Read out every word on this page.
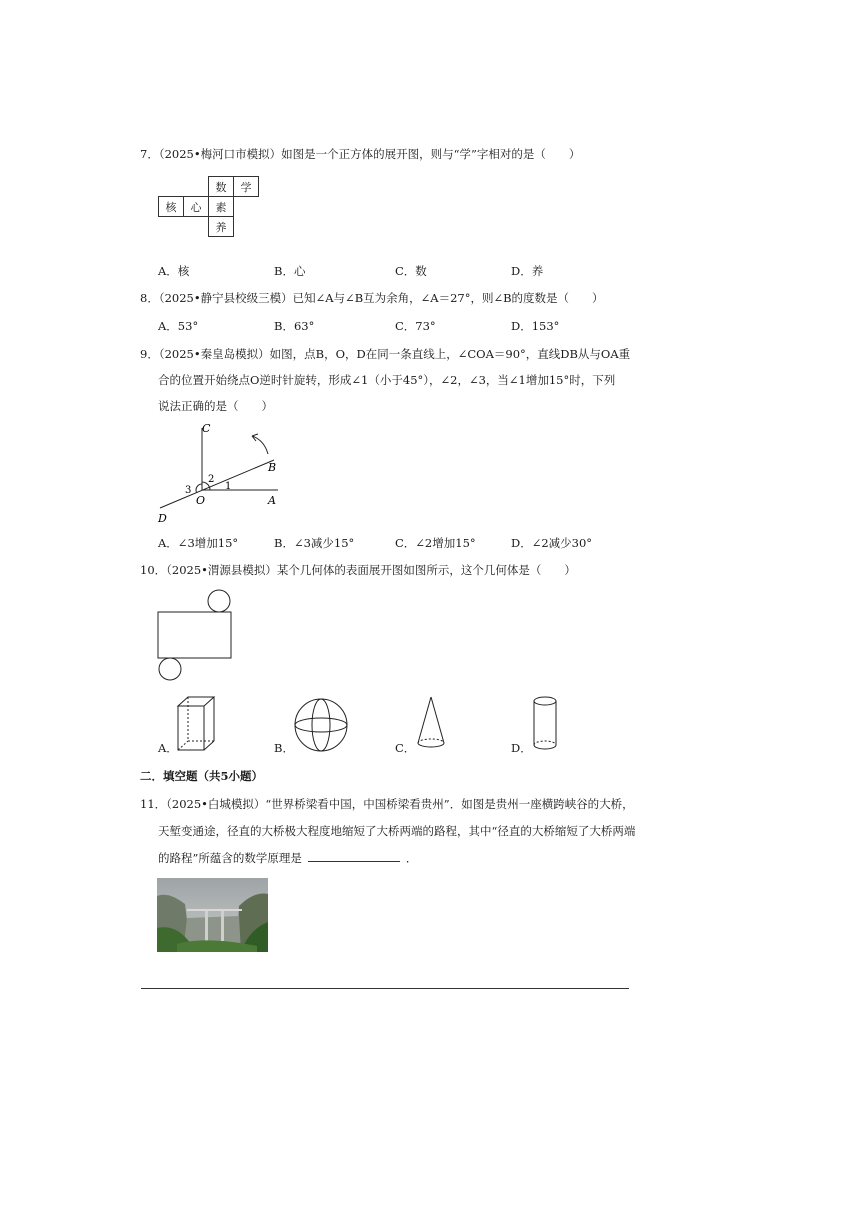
7．（2025•梅河口市模拟）如图是一个正方体的展开图，则与“学”字相对的是（　　）
		数	学
核	心	素	
		养	
A．核	B．心	C．数	D．养
8．（2025•静宁县校级三模）已知∠A与∠B互为余角，∠A＝27°，则∠B的度数是（　　）
A．53°	B．63°	C．73°	D．153°
9．（2025•秦皇岛模拟）如图，点B，O，D在同一条直线上，∠COA＝90°，直线DB从与OA重
合的位置开始绕点O逆时针旋转，形成∠1（小于45°），∠2，∠3，当∠1增加15°时，下列
说法正确的是（　　）
C
B
O	A
D
1
2
3
A．∠3增加15°	B．∠3减少15°	C．∠2增加15°	D．∠2减少30°
10．（2025•渭源县模拟）某个几何体的表面展开图如图所示，这个几何体是（　　）
A．	B．	C．	D．
二．填空题（共5小题）
11．（2025•白城模拟）“世界桥梁看中国，中国桥梁看贵州”．如图是贵州一座横跨峡谷的大桥，
天堑变通途，径直的大桥极大程度地缩短了大桥两端的路程，其中“径直的大桥缩短了大桥两端
的路程”所蕴含的数学原理是	．
